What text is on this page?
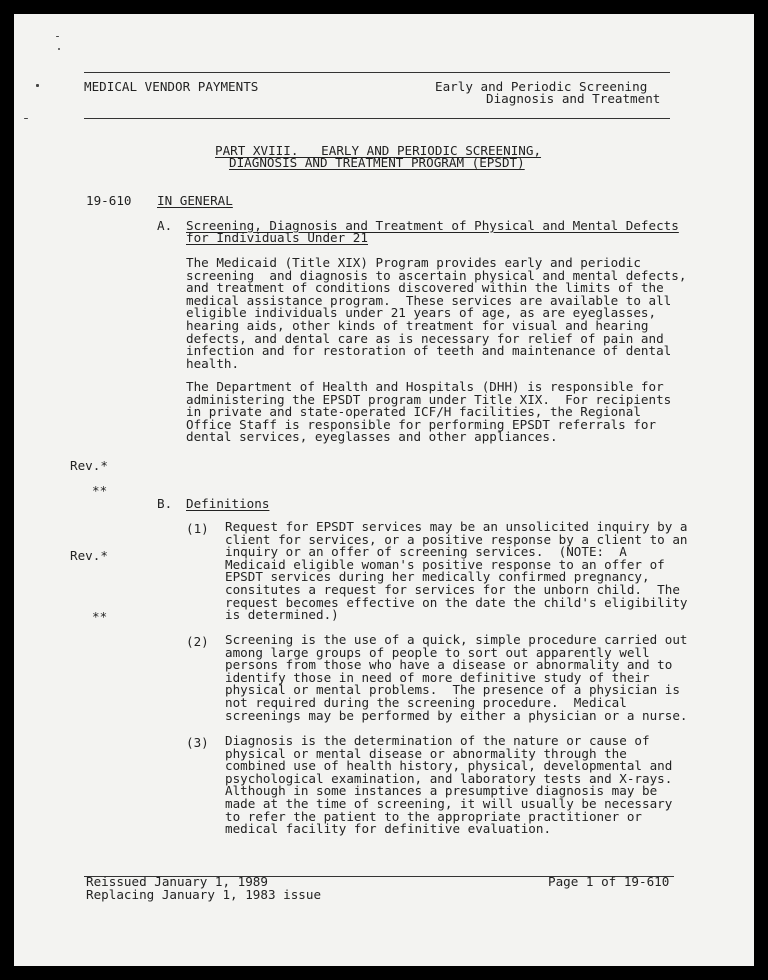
MEDICAL VENDOR PAYMENTS	Early and Periodic Screening
Diagnosis and Treatment
PART XVIII.   EARLY AND PERIODIC SCREENING,
DIAGNOSIS AND TREATMENT PROGRAM (EPSDT)
19-610 IN GENERAL
A. Screening, Diagnosis and Treatment of Physical and Mental Defects
for Individuals Under 21
The Medicaid (Title XIX) Program provides early and periodic
screening  and diagnosis to ascertain physical and mental defects,
and treatment of conditions discovered within the limits of the
medical assistance program.  These services are available to all
eligible individuals under 21 years of age, as are eyeglasses,
hearing aids, other kinds of treatment for visual and hearing
defects, and dental care as is necessary for relief of pain and
infection and for restoration of teeth and maintenance of dental
health.
The Department of Health and Hospitals (DHH) is responsible for
administering the EPSDT program under Title XIX.  For recipients
in private and state-operated ICF/H facilities, the Regional
Office Staff is responsible for performing EPSDT referrals for
dental services, eyeglasses and other appliances.
Rev.*
**
Rev.*
**
B. Definitions
(1) Request for EPSDT services may be an unsolicited inquiry by a
client for services, or a positive response by a client to an
inquiry or an offer of screening services.  (NOTE:  A
Medicaid eligible woman's positive response to an offer of
EPSDT services during her medically confirmed pregnancy,
consitutes a request for services for the unborn child.  The
request becomes effective on the date the child's eligibility
is determined.)
(2) Screening is the use of a quick, simple procedure carried out
among large groups of people to sort out apparently well
persons from those who have a disease or abnormality and to
identify those in need of more definitive study of their
physical or mental problems.  The presence of a physician is
not required during the screening procedure.  Medical
screenings may be performed by either a physician or a nurse.
(3) Diagnosis is the determination of the nature or cause of
physical or mental disease or abnormality through the
combined use of health history, physical, developmental and
psychological examination, and laboratory tests and X-rays.
Although in some instances a presumptive diagnosis may be
made at the time of screening, it will usually be necessary
to refer the patient to the appropriate practitioner or
medical facility for definitive evaluation.
Reissued January 1, 1989
Replacing January 1, 1983 issue
Page 1 of 19-610
